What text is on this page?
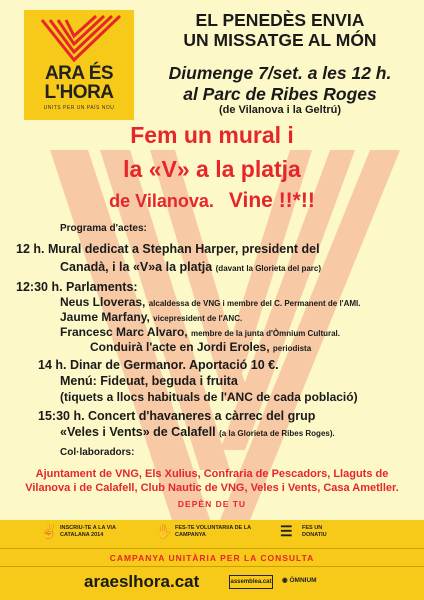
ARA ÉS
L'HORA
UNITS PER UN PAÍS NOU
EL PENEDÈS ENVIA
UN MISSATGE AL MÓN
Diumenge 7/set. a les 12 h.
al Parc de Ribes Roges
(de Vilanova i la Geltrú)
Fem un mural i
la «V» a la platja
de Vilanova. Vine !!*!!
Programa d'actes:
12 h. Mural dedicat a Stephan Harper, president del
Canadà, i la «V»a la platja (davant la Glorieta del parc)
12:30 h. Parlaments:
Neus Lloveras, alcaldessa de VNG i membre del C. Permanent de l'AMI.
Jaume Marfany, vicepresident de l'ANC.
Francesc Marc Alvaro, membre de la junta d'Òmnium Cultural.
Conduirà l'acte en Jordi Eroles, periodista
14 h. Dinar de Germanor. Aportació 10 €.
Menú: Fideuat, beguda i fruita
(tiquets a llocs habituals de l'ANC de cada població)
15:30 h. Concert d'havaneres a càrrec del grup
«Veles i Vents» de Calafell (a la Glorieta de Ribes Roges).
Col·laboradors:
Ajuntament de VNG, Els Xulius, Confraria de Pescadors, Llaguts de
Vilanova i de Calafell, Club Nautic de VNG, Veles i Vents, Casa Ametller.
DEPÈN DE TU
✌ INSCRIU-TE A LA VIA CATALANA 2014	✋ FES-TE VOLUNTARI/A DE LA CAMPANYA	☰ FES UN DONATIU
CAMPANYA UNITÀRIA PER LA CONSULTA
araeslhora.cat	assemblea.cat ◉ ÒMNIUM
